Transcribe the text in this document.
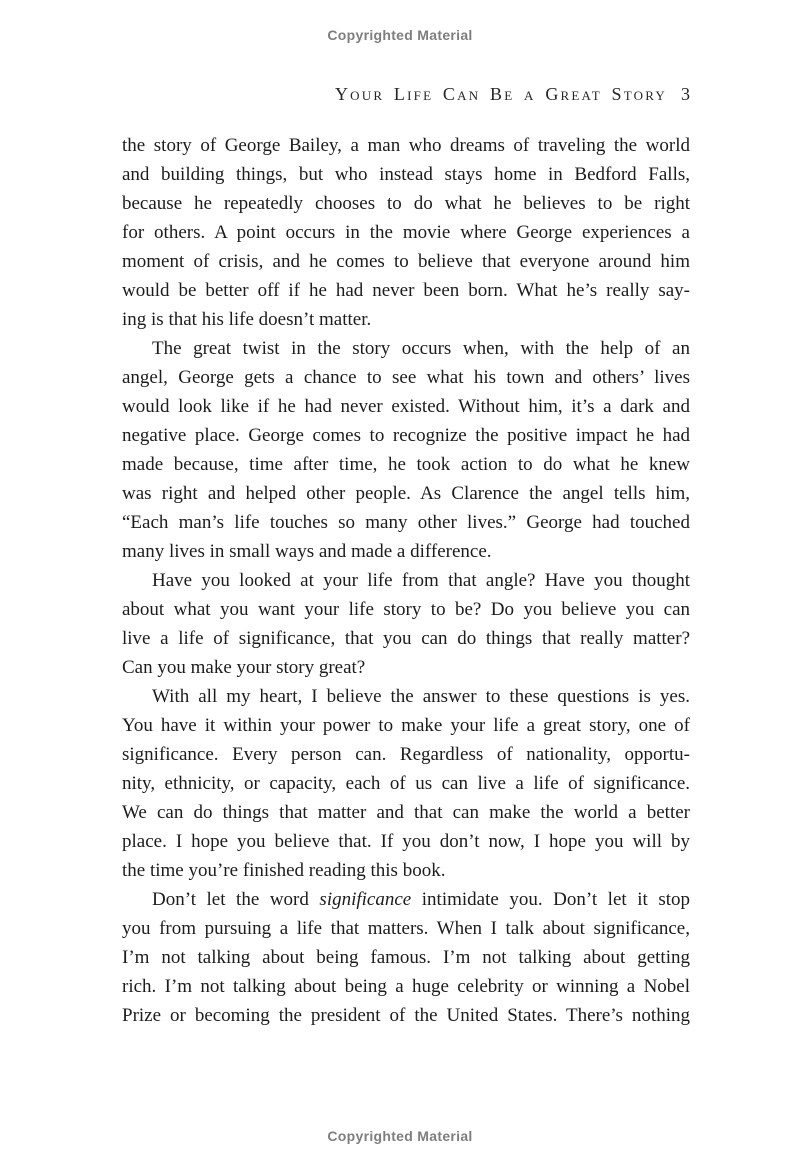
Copyrighted Material
Your Life Can Be a Great Story 3
the story of George Bailey, a man who dreams of traveling the world
and building things, but who instead stays home in Bedford Falls,
because he repeatedly chooses to do what he believes to be right
for others. A point occurs in the movie where George experiences a
moment of crisis, and he comes to believe that everyone around him
would be better off if he had never been born. What he’s really say-
ing is that his life doesn’t matter.
The great twist in the story occurs when, with the help of an
angel, George gets a chance to see what his town and others’ lives
would look like if he had never existed. Without him, it’s a dark and
negative place. George comes to recognize the positive impact he had
made because, time after time, he took action to do what he knew
was right and helped other people. As Clarence the angel tells him,
“Each man’s life touches so many other lives.” George had touched
many lives in small ways and made a difference.
Have you looked at your life from that angle? Have you thought
about what you want your life story to be? Do you believe you can
live a life of significance, that you can do things that really matter?
Can you make your story great?
With all my heart, I believe the answer to these questions is yes.
You have it within your power to make your life a great story, one of
significance. Every person can. Regardless of nationality, opportu-
nity, ethnicity, or capacity, each of us can live a life of significance.
We can do things that matter and that can make the world a better
place. I hope you believe that. If you don’t now, I hope you will by
the time you’re finished reading this book.
Don’t let the word significance intimidate you. Don’t let it stop
you from pursuing a life that matters. When I talk about significance,
I’m not talking about being famous. I’m not talking about getting
rich. I’m not talking about being a huge celebrity or winning a Nobel
Prize or becoming the president of the United States. There’s nothing
Copyrighted Material
